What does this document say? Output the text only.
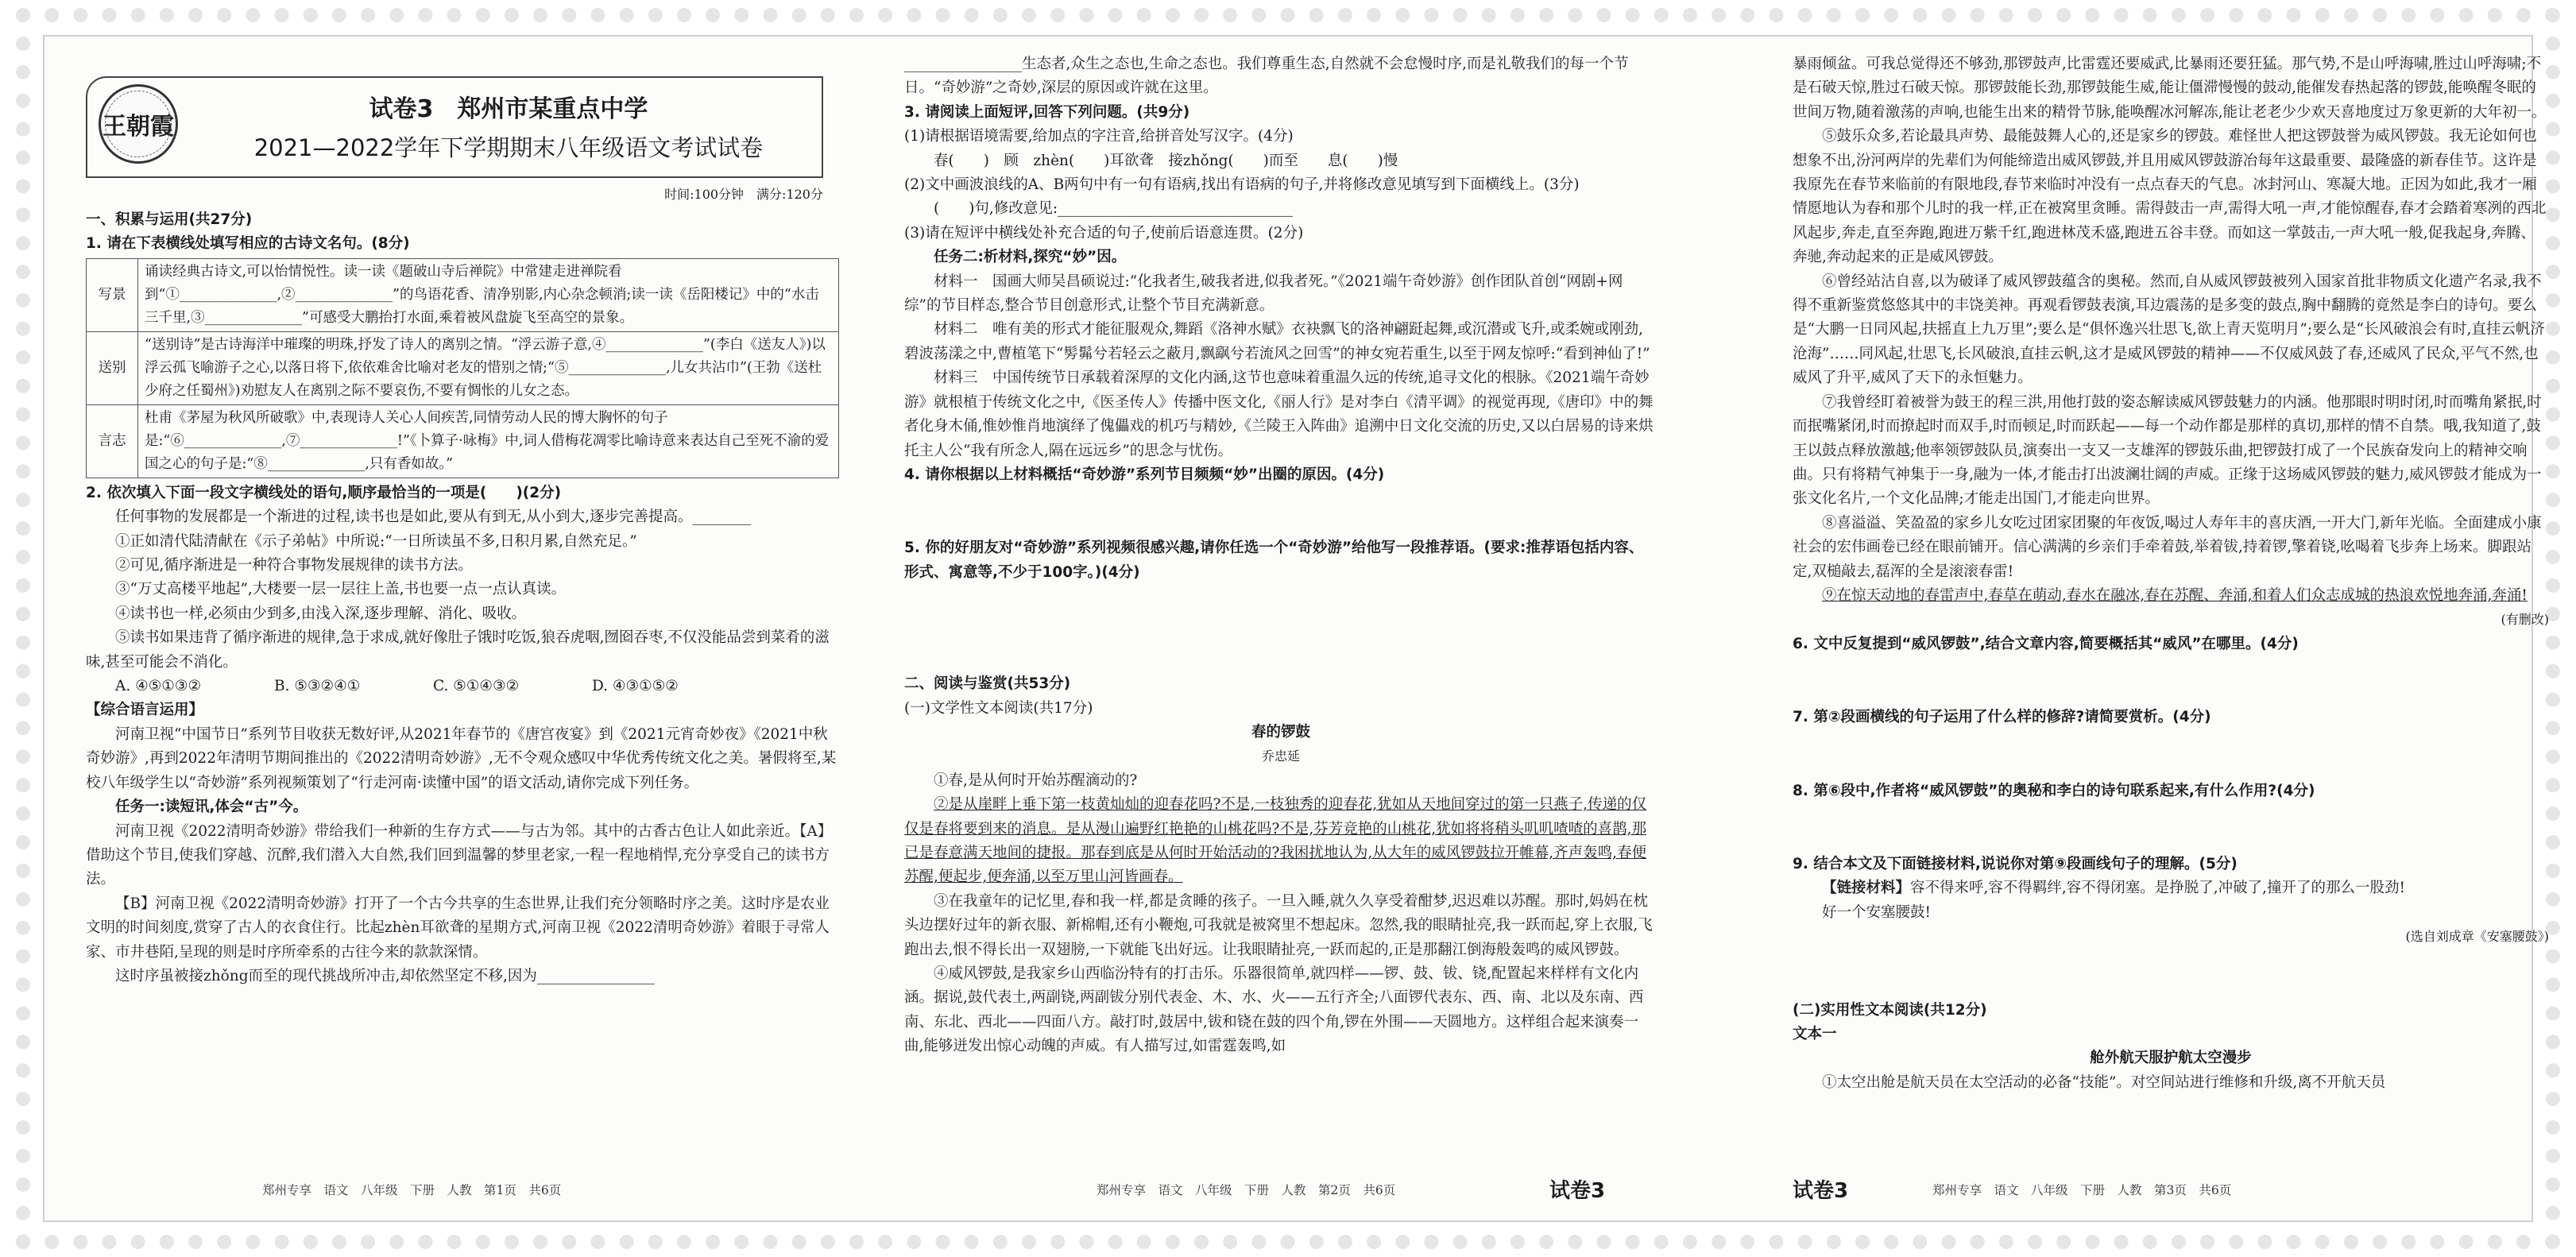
王朝霞
试卷3　郑州市某重点中学
2021—2022学年下学期期末八年级语文考试试卷
时间:100分钟　满分:120分

一、积累与运用(共27分)

1. 请在下表横线处填写相应的古诗文名句。(8分)

写景	诵读经典古诗文,可以怡情悦性。读一读《题破山寺后禅院》中常建走进禅院看到“①______________,②______________”的鸟语花香、清净别影,内心杂念顿消;读一读《岳阳楼记》中的“水击三千里,③______________”可感受大鹏抬打水面,乘着被风盘旋飞至高空的景象。
送别	“送别诗”是古诗海洋中璀璨的明珠,抒发了诗人的离别之情。“浮云游子意,④______________”(李白《送友人》)以浮云孤飞喻游子之心,以落日将下,依依难舍比喻对老友的惜别之情;“⑤______________,儿女共沾巾”(王勃《送杜少府之任蜀州》)劝慰友人在离别之际不要哀伤,不要有惆怅的儿女之态。
言志	杜甫《茅屋为秋风所破歌》中,表现诗人关心人间疾苦,同情劳动人民的博大胸怀的句子是:“⑥______________,⑦______________!”《卜算子·咏梅》中,词人借梅花凋零比喻诗意来表达自己至死不渝的爱国之心的句子是:“⑧______________,只有香如故。”

2. 依次填入下面一段文字横线处的语句,顺序最恰当的一项是(　　)(2分)

任何事物的发展都是一个渐进的过程,读书也是如此,要从有到无,从小到大,逐步完善提高。________

①正如清代陆清献在《示子弟帖》中所说:“一日所读虽不多,日积月累,自然充足。”

②可见,循序渐进是一种符合事物发展规律的读书方法。

③“万丈高楼平地起”,大楼要一层一层往上盖,书也要一点一点认真读。

④读书也一样,必须由少到多,由浅入深,逐步理解、消化、吸收。

⑤读书如果违背了循序渐进的规律,急于求成,就好像肚子饿时吃饭,狼吞虎咽,囫囵吞枣,不仅没能品尝到菜肴的滋味,甚至可能会不消化。

A. ④⑤①③②	B. ⑤③②④①	C. ⑤①④③②	D. ④③①⑤②

【综合语言运用】

河南卫视“中国节日”系列节目收获无数好评,从2021年春节的《唐宫夜宴》到《2021元宵奇妙夜》《2021中秋奇妙游》,再到2022年清明节期间推出的《2022清明奇妙游》,无不令观众感叹中华优秀传统文化之美。暑假将至,某校八年级学生以“奇妙游”系列视频策划了“行走河南·读懂中国”的语文活动,请你完成下列任务。

任务一:读短讯,体会“古”今。

河南卫视《2022清明奇妙游》带给我们一种新的生存方式——与古为邻。其中的古香古色让人如此亲近。【A】借助这个节目,使我们穿越、沉醉,我们潜入大自然,我们回到温馨的梦里老家,一程一程地梢悍,充分享受自己的读书方法。

【B】河南卫视《2022清明奇妙游》打开了一个古今共享的生态世界,让我们充分领略时序之美。这时序是农业文明的时间刻度,赏穿了古人的衣食住行。比起zhèn耳欲聋的星期方式,河南卫视《2022清明奇妙游》着眼于寻常人家、市井巷陌,呈现的则是时序所牵系的古往今来的款款深情。

这时序虽被接zhǒng而至的现代挑战所冲击,却依然坚定不移,因为________________

________________生态者,众生之态也,生命之态也。我们尊重生态,自然就不会怠慢时序,而是礼敬我们的每一个节日。“奇妙游”之奇妙,深层的原因或许就在这里。

3. 请阅读上面短评,回答下列问题。(共9分)

(1)请根据语境需要,给加点的字注音,给拼音处写汉字。(4分)

春(　　)　顾　zhèn(　　)耳欲聋　接zhǒng(　　)而至　　息(　　)慢

(2)文中画波浪线的A、B两句中有一句有语病,找出有语病的句子,并将修改意见填写到下面横线上。(3分)

(　　)句,修改意见:________________________________

(3)请在短评中横线处补充合适的句子,使前后语意连贯。(2分)

任务二:析材料,探究“妙”因。

材料一　国画大师吴昌硕说过:“化我者生,破我者进,似我者死。”《2021端午奇妙游》创作团队首创“网剧+网综”的节目样态,整合节目创意形式,让整个节目充满新意。

材料二　唯有美的形式才能征服观众,舞蹈《洛神水赋》衣袂飘飞的洛神翩跹起舞,或沉潜或飞升,或柔婉或刚劲,碧波荡漾之中,曹植笔下“髣髴兮若轻云之蔽月,飘飖兮若流风之回雪”的神女宛若重生,以至于网友惊呼:“看到神仙了!”

材料三　中国传统节日承载着深厚的文化内涵,这节也意味着重温久远的传统,追寻文化的根脉。《2021端午奇妙游》就根植于传统文化之中,《医圣传人》传播中医文化,《丽人行》是对李白《清平调》的视觉再现,《唐印》中的舞者化身木俑,惟妙惟肖地演绎了傀儡戏的机巧与精妙,《兰陵王入阵曲》追溯中日文化交流的历史,又以白居易的诗来烘托主人公“我有所念人,隔在远远乡”的思念与忧伤。

4. 请你根据以上材料概括“奇妙游”系列节目频频“妙”出圈的原因。(4分)

5. 你的好朋友对“奇妙游”系列视频很感兴趣,请你任选一个“奇妙游”给他写一段推荐语。(要求:推荐语包括内容、形式、寓意等,不少于100字。)(4分)

二、阅读与鉴赏(共53分)

(一)文学性文本阅读(共17分)

春的锣鼓

乔忠延

①春,是从何时开始苏醒滴动的?

②是从崖畔上垂下第一枝黄灿灿的迎春花吗?不是,一枝独秀的迎春花,犹如从天地间穿过的第一只燕子,传递的仅仅是春将要到来的消息。是从漫山遍野红艳艳的山桃花吗?不是,芬芳竞艳的山桃花,犹如将将稍头叽叽喳喳的喜鹊,那已是春意满天地间的捷报。那春到底是从何时开始活动的?我困扰地认为,从大年的威风锣鼓拉开帷幕,齐声轰鸣,春便苏醒,便起步,便奔涌,以至万里山河皆画春。

③在我童年的记忆里,春和我一样,都是贪睡的孩子。一旦入睡,就久久享受着酣梦,迟迟难以苏醒。那时,妈妈在枕头边摆好过年的新衣服、新棉帽,还有小鞭炮,可我就是被窝里不想起床。忽然,我的眼睛扯亮,我一跃而起,穿上衣服,飞跑出去,恨不得长出一双翅膀,一下就能飞出好远。让我眼睛扯亮,一跃而起的,正是那翻江倒海般轰鸣的威风锣鼓。

④威风锣鼓,是我家乡山西临汾特有的打击乐。乐器很简单,就四样——锣、鼓、钹、铙,配置起来样样有文化内涵。据说,鼓代表土,两副铙,两副钹分别代表金、木、水、火——五行齐全;八面锣代表东、西、南、北以及东南、西南、东北、西北——四面八方。敲打时,鼓居中,钹和铙在鼓的四个角,锣在外围——天圆地方。这样组合起来演奏一曲,能够迸发出惊心动魄的声威。有人描写过,如雷霆轰鸣,如

暴雨倾盆。可我总觉得还不够劲,那锣鼓声,比雷霆还要威武,比暴雨还要狂猛。那气势,不是山呼海啸,胜过山呼海啸;不是石破天惊,胜过石破天惊。那锣鼓能长劲,那锣鼓能生威,能让僵滞慢慢的鼓动,能催发春热起落的锣鼓,能唤醒冬眠的世间万物,随着激荡的声响,也能生出来的精骨节脉,能唤醒冰河解冻,能让老老少少欢天喜地度过万象更新的大年初一。

⑤鼓乐众多,若论最具声势、最能鼓舞人心的,还是家乡的锣鼓。难怪世人把这锣鼓誉为威风锣鼓。我无论如何也想象不出,汾河两岸的先辈们为何能缔造出威风锣鼓,并且用威风锣鼓游冶每年这最重要、最隆盛的新春佳节。这许是我原先在春节来临前的有限地段,春节来临时冲没有一点点春天的气息。冰封河山、寒凝大地。正因为如此,我才一厢情愿地认为春和那个儿时的我一样,正在被窝里贪睡。需得鼓击一声,需得大吼一声,才能惊醒春,春才会踏着寒冽的西北风起步,奔走,直至奔跑,跑进万紫千红,跑进林茂禾盛,跑进五谷丰登。而如这一掌鼓击,一声大吼一般,促我起身,奔腾、奔驰,奔动起来的正是威风锣鼓。

⑥曾经站沽自喜,以为破译了威风锣鼓蕴含的奥秘。然而,自从威风锣鼓被列入国家首批非物质文化遗产名录,我不得不重新鉴赏悠悠其中的丰饶美神。再观看锣鼓表演,耳边震荡的是多变的鼓点,胸中翻腾的竟然是李白的诗句。要么是“大鹏一日同风起,扶摇直上九万里”;要么是“俱怀逸兴壮思飞,欲上青天览明月”;要么是“长风破浪会有时,直挂云帆济沧海”……同风起,壮思飞,长风破浪,直挂云帆,这才是威风锣鼓的精神——不仅威风鼓了春,还威风了民众,平气不然,也威风了升平,威风了天下的永恒魅力。

⑦我曾经盯着被誉为鼓王的程三洪,用他打鼓的姿态解读威风锣鼓魅力的内涵。他那眼时明时闭,时而嘴角紧抿,时而抿嘴紧闭,时而撩起时而双手,时而顿足,时而跃起——每一个动作都是那样的真切,那样的情不自禁。哦,我知道了,鼓王以鼓点释放激越;他率领锣鼓队员,演奏出一支又一支雄浑的锣鼓乐曲,把锣鼓打成了一个民族奋发向上的精神交响曲。只有将精气神集于一身,融为一体,才能击打出波澜壮阔的声威。正缘于这场威风锣鼓的魅力,威风锣鼓才能成为一张文化名片,一个文化品牌;才能走出国门,才能走向世界。

⑧喜溢溢、笑盈盈的家乡儿女吃过团家团聚的年夜饭,喝过人寿年丰的喜庆酒,一开大门,新年光临。全面建成小康社会的宏伟画卷已经在眼前铺开。信心满满的乡亲们手牵着鼓,举着钹,持着锣,擎着铙,吆喝着飞步奔上场来。脚跟站定,双槌敲去,磊浑的全是滚滚春雷!

⑨在惊天动地的春雷声中,春草在萌动,春水在融冰,春在苏醒、奔涌,和着人们众志成城的热浪欢悦地奔涌,奔涌!

(有删改)

6. 文中反复提到“威风锣鼓”,结合文章内容,简要概括其“威风”在哪里。(4分)

7. 第②段画横线的句子运用了什么样的修辞?请简要赏析。(4分)

8. 第⑥段中,作者将“威风锣鼓”的奥秘和李白的诗句联系起来,有什么作用?(4分)

9. 结合本文及下面链接材料,说说你对第⑨段画线句子的理解。(5分)

【链接材料】容不得来呼,容不得羁绊,容不得闭塞。是挣脱了,冲破了,撞开了的那么一股劲!

好一个安塞腰鼓!

(选自刘成章《安塞腰鼓》)

(二)实用性文本阅读(共12分)

文本一

舱外航天服护航太空漫步

①太空出舱是航天员在太空活动的必备“技能”。对空间站进行维修和升级,离不开航天员

郑州专享　语文　八年级　下册　人教　第1页　共6页	郑州专享　语文　八年级　下册　人教　第2页　共6页	试卷3	试卷3	郑州专享　语文　八年级　下册　人教　第3页　共6页
